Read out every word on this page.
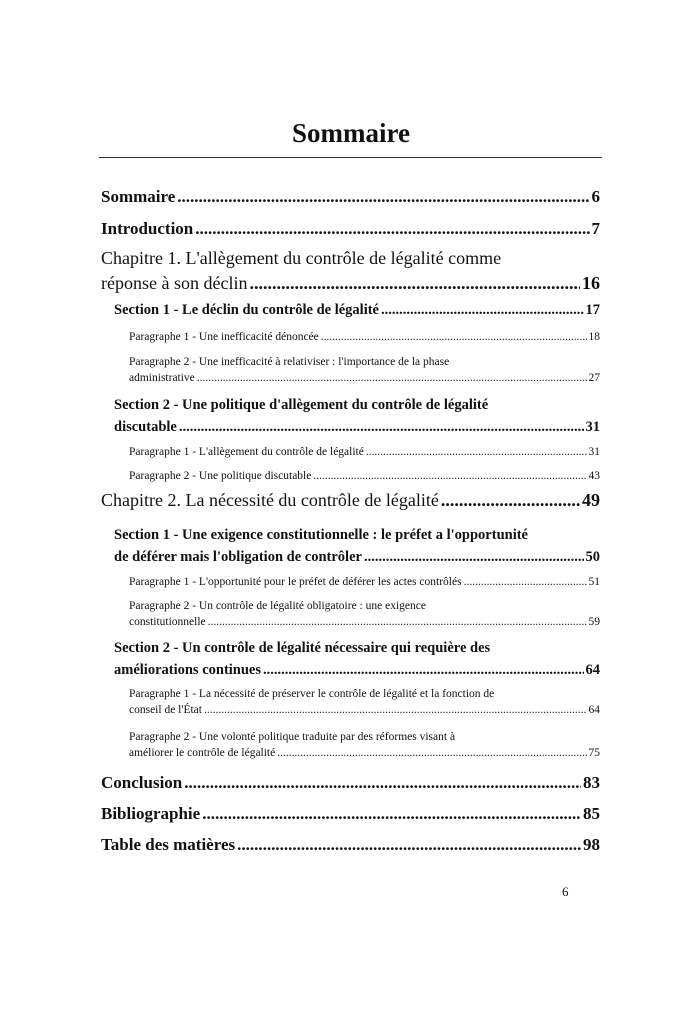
Sommaire
Sommaire .....	6
Introduction .....	7
Chapitre 1. L'allègement du contrôle de légalité comme
réponse à son déclin .....	16
Section 1 - Le déclin du contrôle de légalité .....	17
Paragraphe 1 - Une inefficacité dénoncée .....	18
Paragraphe 2 - Une inefficacité à relativiser : l'importance de la phase
administrative .....	27
Section 2 - Une politique d'allègement du contrôle de légalité
discutable .....	31
Paragraphe 1 - L'allègement du contrôle de légalité .....	31
Paragraphe 2 - Une politique discutable .....	43
Chapitre 2. La nécessité du contrôle de légalité .....	49
Section 1 - Une exigence constitutionnelle : le préfet a l'opportunité
de déférer mais l'obligation de contrôler .....	50
Paragraphe 1 - L'opportunité pour le préfet de déférer les actes contrôlés .....	51
Paragraphe 2 - Un contrôle de légalité obligatoire : une exigence
constitutionnelle .....	59
Section 2 - Un contrôle de légalité nécessaire qui requière des
améliorations continues .....	64
Paragraphe 1 - La nécessité de préserver le contrôle de légalité et la fonction de
conseil de l'État .....	64
Paragraphe 2 - Une volonté politique traduite par des réformes visant à
améliorer le contrôle de légalité .....	75
Conclusion .....	83
Bibliographie .....	85
Table des matières .....	98
6
